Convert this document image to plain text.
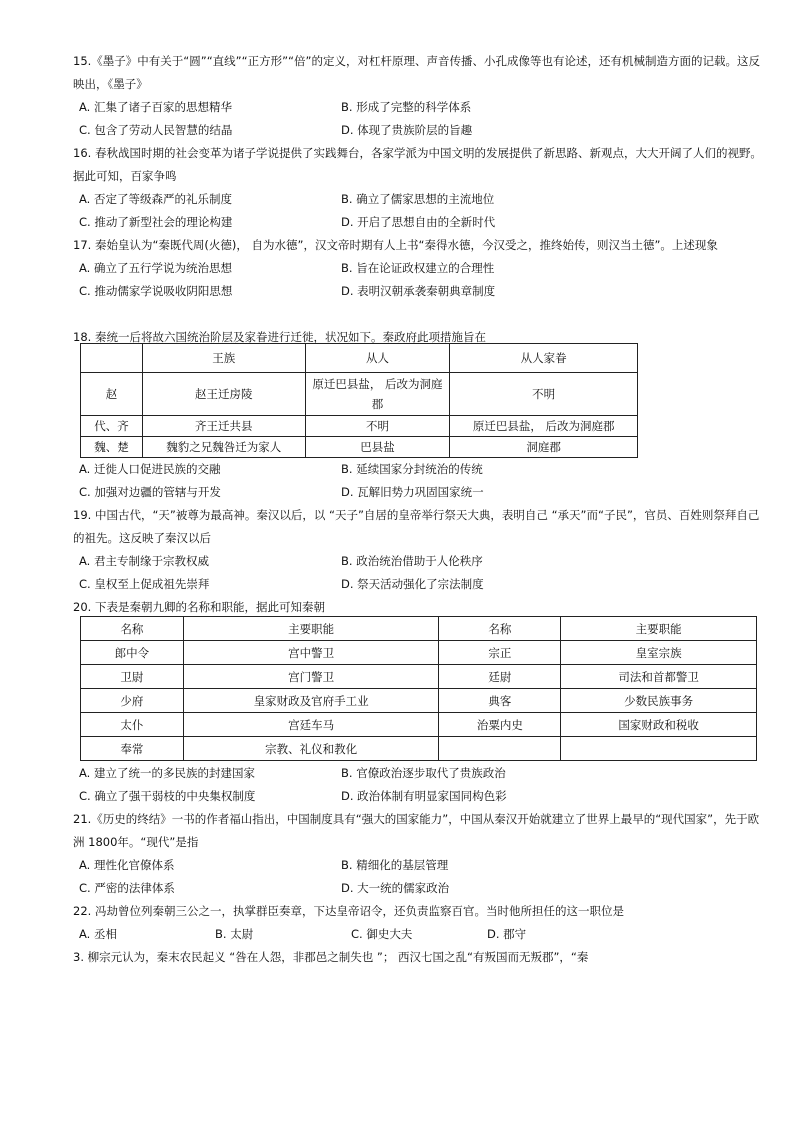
15.《墨子》中有关于“圆”“直线”“正方形”“倍”的定义，对杠杆原理、声音传播、小孔成像等也有论述，还有机械制造方面的记载。这反映出，《墨子》
A. 汇集了诸子百家的思想精华	B. 形成了完整的科学体系
C. 包含了劳动人民智慧的结晶	D. 体现了贵族阶层的旨趣
16. 春秋战国时期的社会变革为诸子学说提供了实践舞台，各家学派为中国文明的发展提供了新思路、新观点，大大开阔了人们的视野。据此可知，百家争鸣
A. 否定了等级森严的礼乐制度	B. 确立了儒家思想的主流地位
C. 推动了新型社会的理论构建	D. 开启了思想自由的全新时代
17. 秦始皇认为“秦既代周(火德)， 自为水德”，汉文帝时期有人上书“秦得水德，今汉受之，推终始传，则汉当土德”。上述现象
A. 确立了五行学说为统治思想	B. 旨在论证政权建立的合理性
C. 推动儒家学说吸收阴阳思想	D. 表明汉朝承袭秦朝典章制度
18. 秦统一后将故六国统治阶层及家眷进行迁徙，状况如下。秦政府此项措施旨在
	王族	从人	从人家眷
赵	赵王迁房陵	原迁巴县盐， 后改为洞庭郡	不明
代、齐	齐王迁共县	不明	原迁巴县盐， 后改为洞庭郡
魏、楚	魏豹之兄魏咎迁为家人	巴县盐	洞庭郡
A. 迁徙人口促进民族的交融	B. 延续国家分封统治的传统
C. 加强对边疆的管辖与开发	D. 瓦解旧势力巩固国家统一
19. 中国古代，“天”被尊为最高神。秦汉以后，以 “天子”自居的皇帝举行祭天大典，表明自己 “承天”而“子民”，官员、百姓则祭拜自己的祖先。这反映了秦汉以后
A. 君主专制缘于宗教权威	B. 政治统治借助于人伦秩序
C. 皇权至上促成祖先崇拜	D. 祭天活动强化了宗法制度
20. 下表是秦朝九卿的名称和职能，据此可知秦朝
名称	主要职能	名称	主要职能
郎中令	宫中警卫	宗正	皇室宗族
卫尉	宫门警卫	廷尉	司法和首都警卫
少府	皇家财政及官府手工业	典客	少数民族事务
太仆	宫廷车马	治粟内史	国家财政和税收
奉常	宗教、礼仪和教化		
A. 建立了统一的多民族的封建国家	B. 官僚政治逐步取代了贵族政治
C. 确立了强干弱枝的中央集权制度	D. 政治体制有明显家国同构色彩
21.《历史的终结》一书的作者福山指出，中国制度具有“强大的国家能力”，中国从秦汉开始就建立了世界上最早的“现代国家”，先于欧洲 1800年。“现代”是指
A. 理性化官僚体系	B. 精细化的基层管理
C. 严密的法律体系	D. 大一统的儒家政治
22. 冯劫曾位列秦朝三公之一，执掌群臣奏章，下达皇帝诏令，还负责监察百官。当时他所担任的这一职位是
A. 丞相	B. 太尉	C. 御史大夫	D. 郡守
3. 柳宗元认为，秦末农民起义 “咎在人怨，非郡邑之制失也 ”； 西汉七国之乱“有叛国而无叛郡”，“秦
